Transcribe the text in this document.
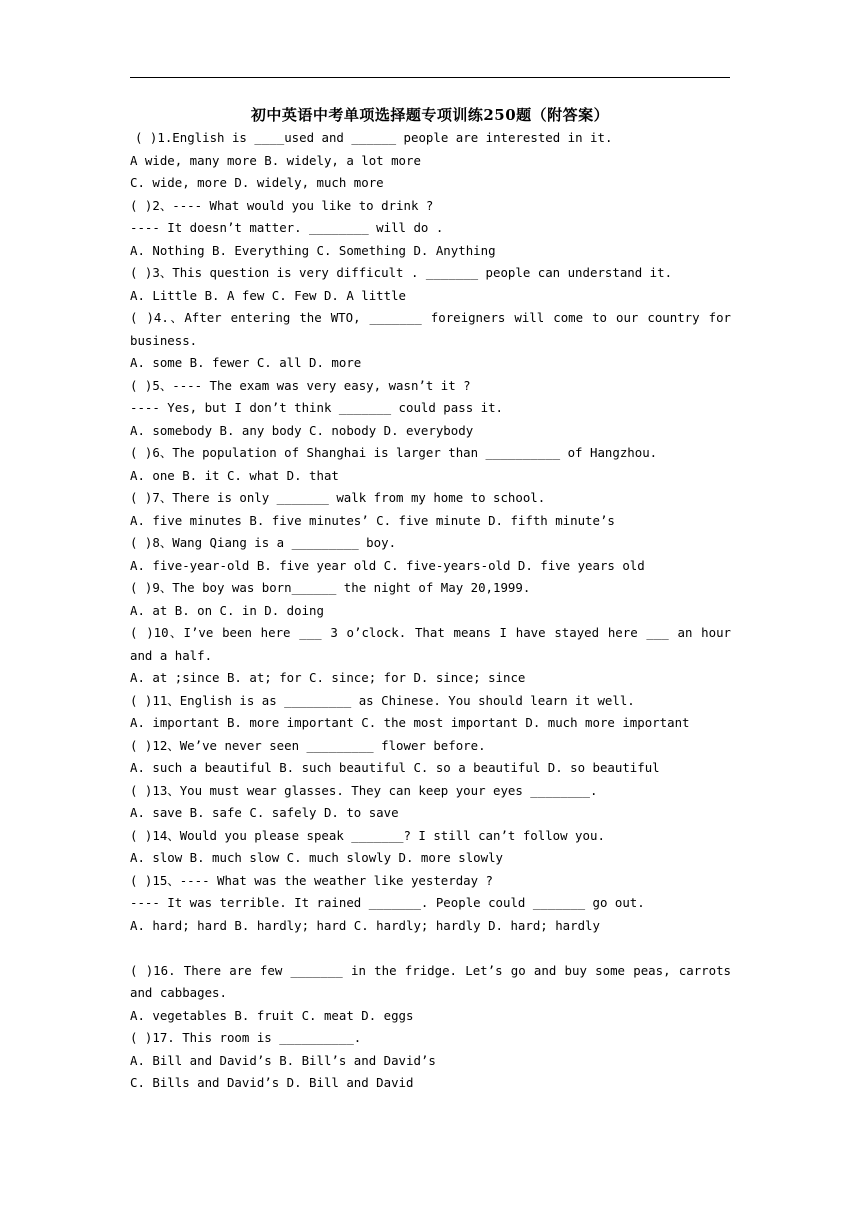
初中英语中考单项选择题专项训练250题（附答案）
( )1.English is ____used and ______ people are interested in it.
A wide, many more B. widely, a lot more
C. wide, more D. widely, much more
( )2、---- What would you like to drink ?
---- It doesn’t matter. ________ will do .
A. Nothing B. Everything C. Something D. Anything
( )3、This question is very difficult . _______ people can understand it.
A. Little B. A few C. Few D. A little
( )4.、After entering the WTO, _______ foreigners will come to our country for
business.
A. some B. fewer C. all D. more
( )5、---- The exam was very easy, wasn’t it ?
---- Yes, but I don’t think _______ could pass it.
A. somebody B. any body C. nobody D. everybody
( )6、The population of Shanghai is larger than __________ of Hangzhou.
A. one B. it C. what D. that
( )7、There is only _______ walk from my home to school.
A. five minutes B. five minutes’ C. five minute D. fifth minute’s
( )8、Wang Qiang is a _________ boy.
A. five-year-old B. five year old C. five-years-old D. five years old
( )9、The boy was born______ the night of May 20,1999.
A. at B. on C. in D. doing
( )10、I’ve been here ___ 3 o’clock. That means I have stayed here ___ an hour
and a half.
A. at ;since B. at; for C. since; for D. since; since
( )11、English is as _________ as Chinese. You should learn it well.
A. important B. more important C. the most important D. much more important
( )12、We’ve never seen _________ flower before.
A. such a beautiful B. such beautiful C. so a beautiful D. so beautiful
( )13、You must wear glasses. They can keep your eyes ________.
A. save B. safe C. safely D. to save
( )14、Would you please speak _______? I still can’t follow you.
A. slow B. much slow C. much slowly D. more slowly
( )15、---- What was the weather like yesterday ?
---- It was terrible. It rained _______. People could _______ go out.
A. hard; hard B. hardly; hard C. hardly; hardly D. hard; hardly
( )16. There are few _______ in the fridge. Let’s go and buy some peas, carrots
and cabbages.
A. vegetables B. fruit C. meat D. eggs
( )17. This room is __________.
A. Bill and David’s B. Bill’s and David’s
C. Bills and David’s D. Bill and David
